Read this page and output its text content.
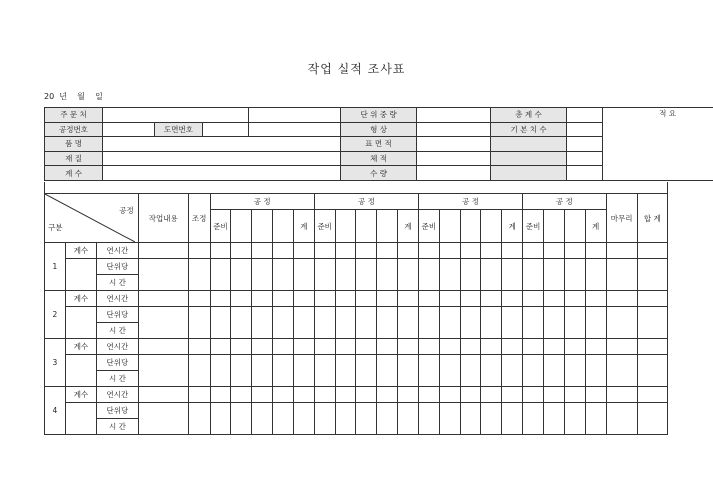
작업 실적 조사표
20  년    월    일
주 문 처					단 위 중 량		총 계 수		적 요
공정번호		도면번호			형 상		기 본 치 수		
품 명					표 면 적				
재 질					체 적				
계 수					수 량				
공정
구분			작업내용	조정	공 정					공 정					공 정					공 정				마무리	합 계
					준비				계	준비				계	준비				계	준비			계		
1	계수	연시간																							
		단위당																							
		시 간																							
2	계수	연시간																							
		단위당																							
		시 간																							
3	계수	연시간																							
		단위당																							
		시 간																							
4	계수	연시간																							
		단위당																							
		시 간																							
